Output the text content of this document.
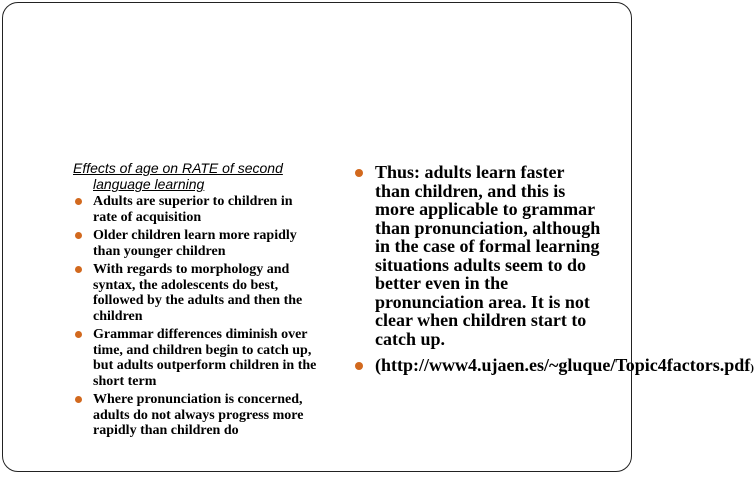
Effects of age on RATE of second language learning
Adults are superior to children in rate of acquisition
Older children learn more rapidly than younger children
With regards to morphology and syntax, the adolescents do best, followed by the adults and then the children
Grammar differences diminish over time, and children begin to catch up, but adults outperform children in the short term
Where pronunciation is concerned, adults do not always progress more rapidly than children do
Thus: adults learn faster than children, and this is more applicable to grammar than pronunciation, although in the case of formal learning situations adults seem to do better even in the pronunciation area. It is not clear when children start to catch up.
(http://www4.ujaen.es/~gluque/Topic4factors.pdf)
